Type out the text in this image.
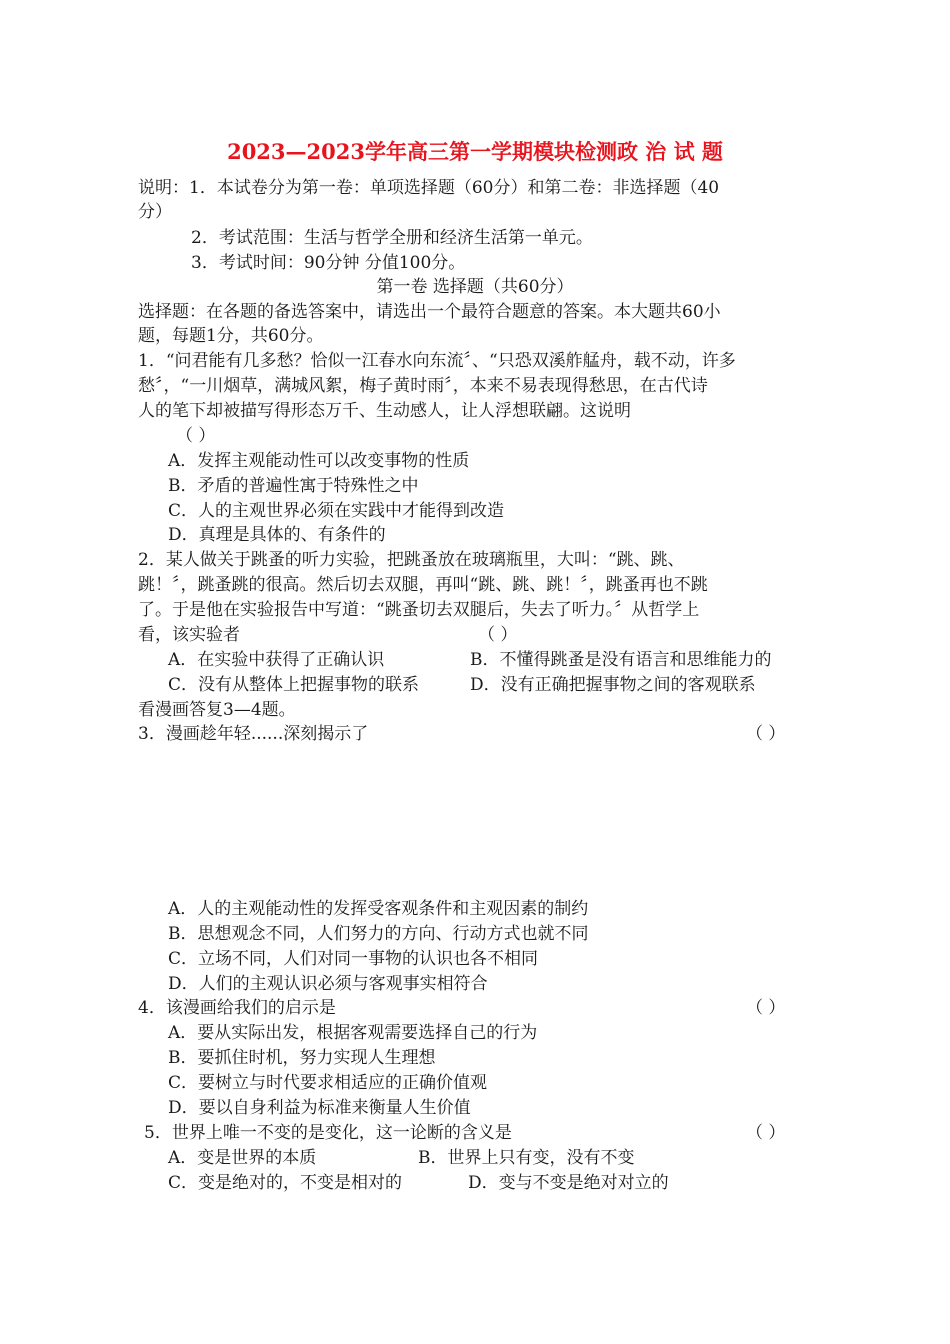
2023—2023学年高三第一学期模块检测政 治 试 题
说明：1．本试卷分为第一卷：单项选择题（60分）和第二卷：非选择题（40
分）
2．考试范围：生活与哲学全册和经济生活第一单元。
3．考试时间：90分钟 分值100分。
第一卷 选择题（共60分）
选择题：在各题的备选答案中，请选出一个最符合题意的答案。本大题共60小
题，每题1分，共60分。
1．“问君能有几多愁？恰似一江春水向东流〞、“只恐双溪舴艋舟，载不动，许多
愁〞，“一川烟草，满城风絮，梅子黄时雨〞，本来不易表现得愁思，在古代诗
人的笔下却被描写得形态万千、生动感人，让人浮想联翩。这说明
（ ）
A．发挥主观能动性可以改变事物的性质
B．矛盾的普遍性寓于特殊性之中
C．人的主观世界必须在实践中才能得到改造
D．真理是具体的、有条件的
2．某人做关于跳蚤的听力实验，把跳蚤放在玻璃瓶里，大叫：“跳、跳、
跳！〞，跳蚤跳的很高。然后切去双腿，再叫“跳、跳、跳！〞，跳蚤再也不跳
了。于是他在实验报告中写道：“跳蚤切去双腿后，失去了听力。〞从哲学上
看，该实验者	（ ）
A．在实验中获得了正确认识	B．不懂得跳蚤是没有语言和思维能力的
C．没有从整体上把握事物的联系	D．没有正确把握事物之间的客观联系
看漫画答复3—4题。
3．漫画趁年轻......深刻揭示了	（ ）
A．人的主观能动性的发挥受客观条件和主观因素的制约
B．思想观念不同，人们努力的方向、行动方式也就不同
C．立场不同，人们对同一事物的认识也各不相同
D．人们的主观认识必须与客观事实相符合
4．该漫画给我们的启示是	（ ）
A．要从实际出发，根据客观需要选择自己的行为
B．要抓住时机，努力实现人生理想
C．要树立与时代要求相适应的正确价值观
D．要以自身利益为标准来衡量人生价值
5．世界上唯一不变的是变化，这一论断的含义是	（ ）
A．变是世界的本质	B．世界上只有变，没有不变
C．变是绝对的，不变是相对的	D．变与不变是绝对对立的
